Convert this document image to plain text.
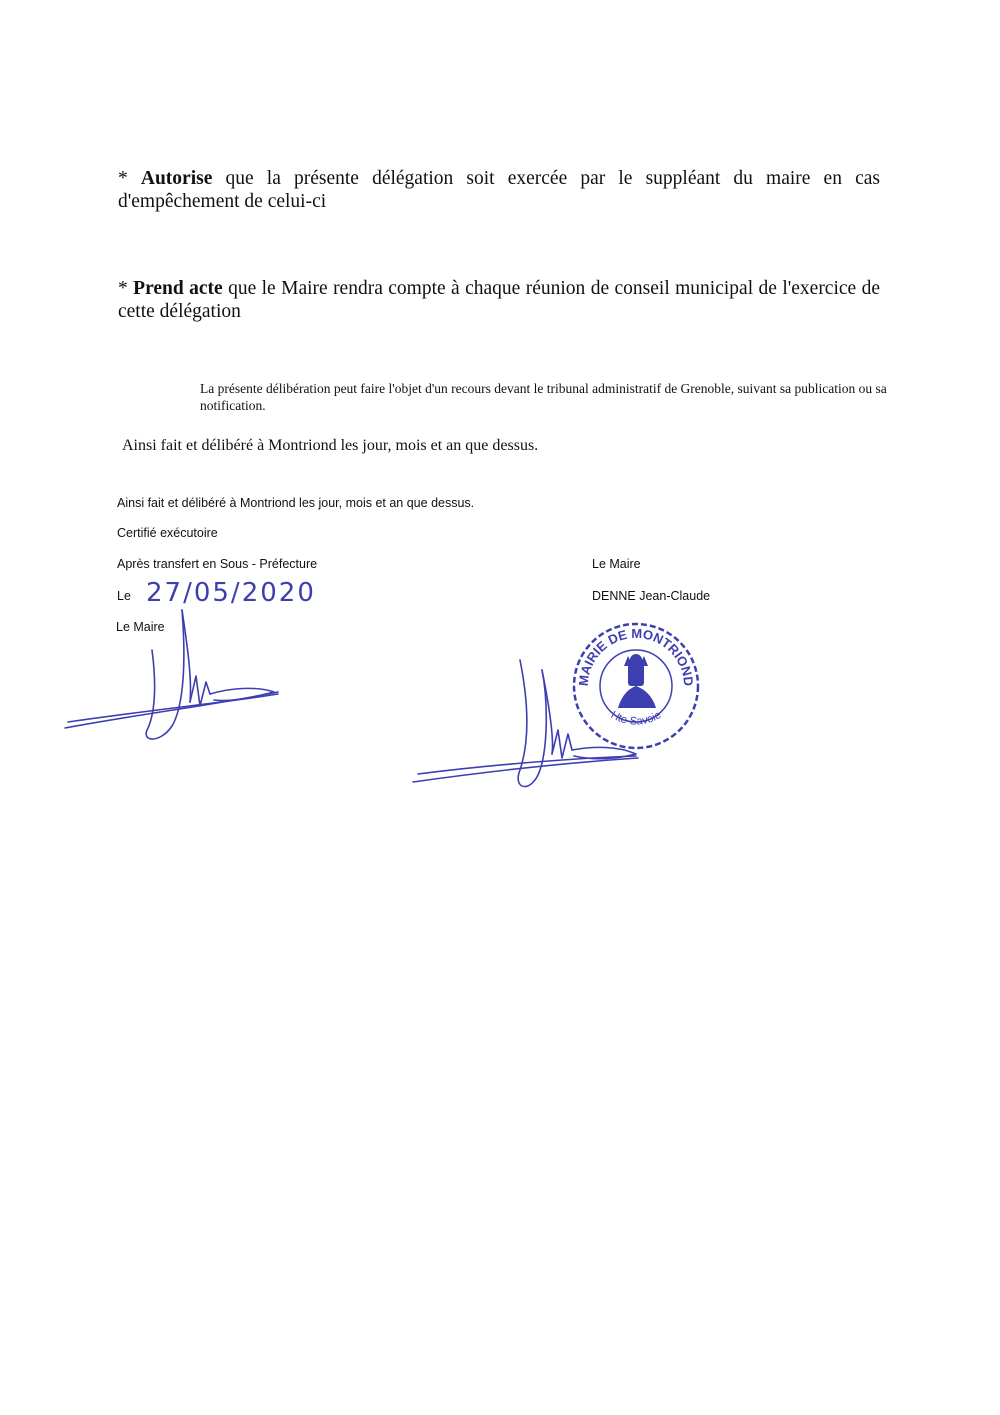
* Autorise que la présente délégation soit exercée par le suppléant du maire en cas d'empêchement de celui-ci
* Prend acte que le Maire rendra compte à chaque réunion de conseil municipal de l'exercice de cette délégation
La présente délibération peut faire l'objet d'un recours devant le tribunal administratif de Grenoble, suivant sa publication ou sa notification.
Ainsi fait et délibéré à Montriond les jour, mois et an que dessus.
Ainsi fait et délibéré à Montriond les jour, mois et an que dessus.
Certifié exécutoire
Après transfert en Sous - Préfecture
Le 27/05/2020
Le Maire
Le Maire
DENNE Jean-Claude
MAIRIE DE MONTRIOND
Hte-Savoie
